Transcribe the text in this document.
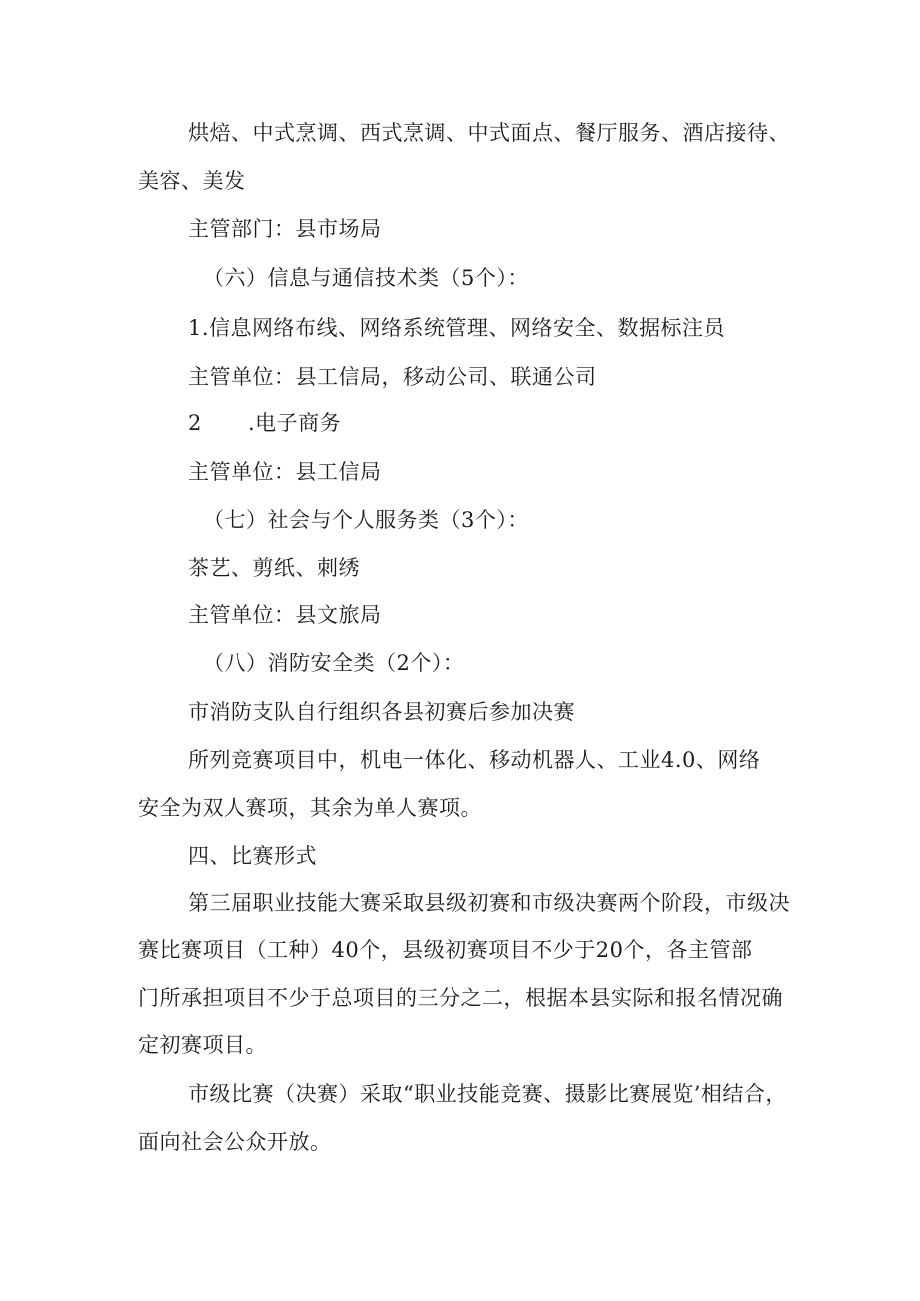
烘焙、中式烹调、西式烹调、中式面点、餐厅服务、酒店接待、
美容、美发
主管部门：县市场局
（六）信息与通信技术类（5个）：
1.信息网络布线、网络系统管理、网络安全、数据标注员
主管单位：县工信局，移动公司、联通公司
2 .电子商务
主管单位：县工信局
（七）社会与个人服务类（3个）：
茶艺、剪纸、刺绣
主管单位：县文旅局
（八）消防安全类（2个）：
市消防支队自行组织各县初赛后参加决赛
所列竞赛项目中，机电一体化、移动机器人、工业4.0、网络
安全为双人赛项，其余为单人赛项。
四、比赛形式
第三届职业技能大赛采取县级初赛和市级决赛两个阶段，市级决
赛比赛项目（工种）40个，县级初赛项目不少于20个，各主管部
门所承担项目不少于总项目的三分之二，根据本县实际和报名情况确
定初赛项目。
市级比赛（决赛）采取“职业技能竞赛、摄影比赛展览’相结合，
面向社会公众开放。
